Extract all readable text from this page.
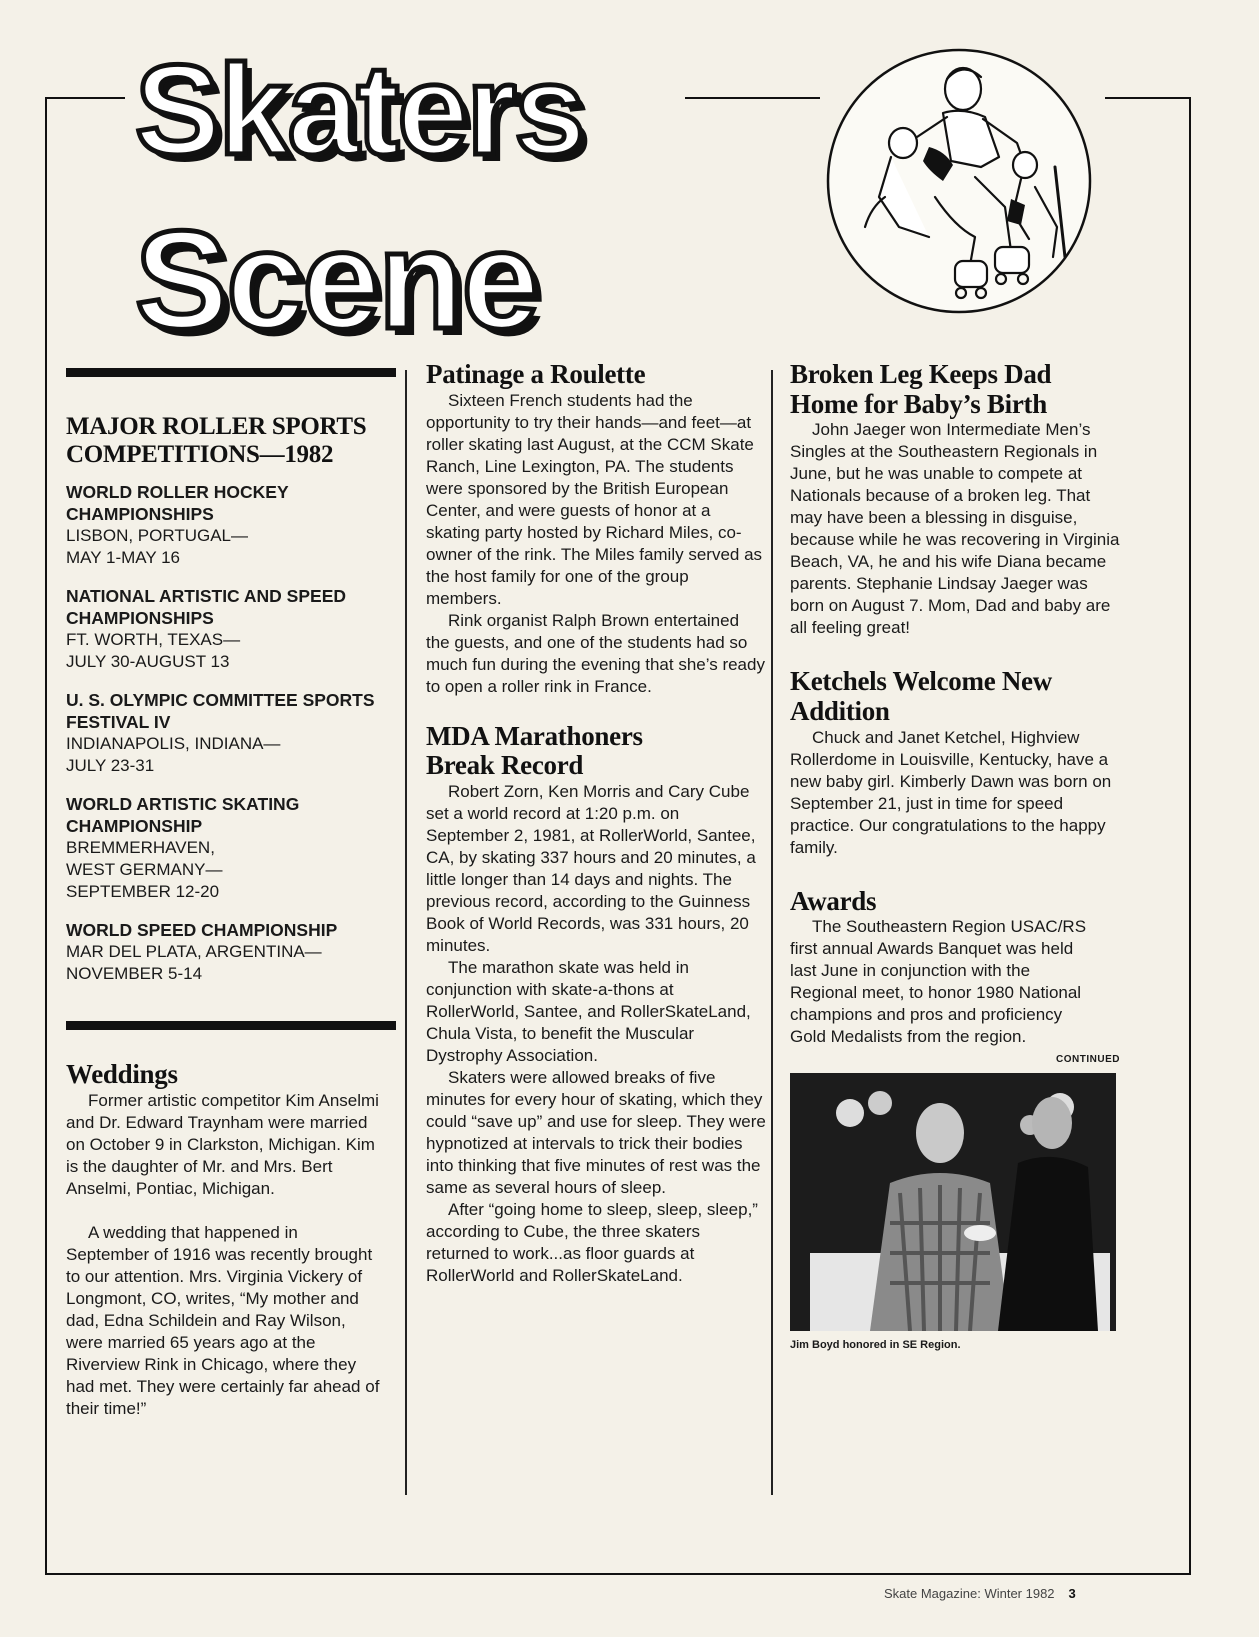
Skaters
Scene
MAJOR ROLLER SPORTS COMPETITIONS—1982
WORLD ROLLER HOCKEY CHAMPIONSHIPS
LISBON, PORTUGAL—
MAY 1-MAY 16
NATIONAL ARTISTIC AND SPEED CHAMPIONSHIPS
FT. WORTH, TEXAS—
JULY 30-AUGUST 13
U. S. OLYMPIC COMMITTEE SPORTS FESTIVAL IV
INDIANAPOLIS, INDIANA—
JULY 23-31
WORLD ARTISTIC SKATING CHAMPIONSHIP
BREMMERHAVEN, WEST GERMANY—
SEPTEMBER 12-20
WORLD SPEED CHAMPIONSHIP
MAR DEL PLATA, ARGENTINA—
NOVEMBER 5-14
Weddings

Former artistic competitor Kim Anselmi and Dr. Edward Traynham were married on October 9 in Clarkston, Michigan. Kim is the daughter of Mr. and Mrs. Bert Anselmi, Pontiac, Michigan.

A wedding that happened in September of 1916 was recently brought to our attention. Mrs. Virginia Vickery of Longmont, CO, writes, “My mother and dad, Edna Schildein and Ray Wilson, were married 65 years ago at the Riverview Rink in Chicago, where they had met. They were certainly far ahead of their time!”

Patinage a Roulette

Sixteen French students had the opportunity to try their hands—and feet—at roller skating last August, at the CCM Skate Ranch, Line Lexington, PA. The students were sponsored by the British European Center, and were guests of honor at a skating party hosted by Richard Miles, co-owner of the rink. The Miles family served as the host family for one of the group members.

Rink organist Ralph Brown entertained the guests, and one of the students had so much fun during the evening that she’s ready to open a roller rink in France.

MDA Marathoners Break Record

Robert Zorn, Ken Morris and Cary Cube set a world record at 1:20 p.m. on September 2, 1981, at RollerWorld, Santee, CA, by skating 337 hours and 20 minutes, a little longer than 14 days and nights. The previous record, according to the Guinness Book of World Records, was 331 hours, 20 minutes.

The marathon skate was held in conjunction with skate-a-thons at RollerWorld, Santee, and RollerSkateLand, Chula Vista, to benefit the Muscular Dystrophy Association.

Skaters were allowed breaks of five minutes for every hour of skating, which they could “save up” and use for sleep. They were hypnotized at intervals to trick their bodies into thinking that five minutes of rest was the same as several hours of sleep.

After “going home to sleep, sleep, sleep,” according to Cube, the three skaters returned to work...as floor guards at RollerWorld and RollerSkateLand.

Broken Leg Keeps Dad Home for Baby’s Birth

John Jaeger won Intermediate Men’s Singles at the Southeastern Regionals in June, but he was unable to compete at Nationals because of a broken leg. That may have been a blessing in disguise, because while he was recovering in Virginia Beach, VA, he and his wife Diana became parents. Stephanie Lindsay Jaeger was born on August 7. Mom, Dad and baby are all feeling great!

Ketchels Welcome New Addition

Chuck and Janet Ketchel, Highview Rollerdome in Louisville, Kentucky, have a new baby girl. Kimberly Dawn was born on September 21, just in time for speed practice. Our congratulations to the happy family.

Awards

The Southeastern Region USAC/RS first annual Awards Banquet was held last June in conjunction with the Regional meet, to honor 1980 National champions and pros and proficiency Gold Medalists from the region.

CONTINUED
Jim Boyd honored in SE Region.
Skate Magazine: Winter 1982 3
